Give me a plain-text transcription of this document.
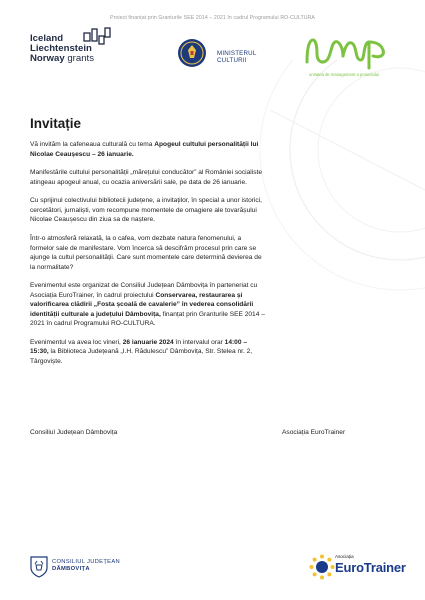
Proiect finanțat prin Granturile SEE 2014 – 2021 în cadrul Programului RO-CULTURA
Iceland
Liechtenstein
Norway grants	MINISTERUL CULTURII
unitatea de management a proiectului
Invitație

Vă invităm la cafeneaua culturală cu tema Apogeul cultului personalității lui Nicolae Ceaușescu – 26 ianuarie.

Manifestările cultului personalității „mărețului conducător” al României socialiste atingeau apogeul anual, cu ocazia aniversării sale, pe data de 26 ianuarie.

Cu sprijinul colectivului bibliotecii județene, a invitaților, în special a unor istorici, cercetători, jurnaliști, vom recompune momentele de omagiere ale tovarășului Nicolae Ceaușescu din ziua sa de naștere.

Într-o atmosferă relaxată, la o cafea, vom dezbate natura fenomenului, a formelor sale de manifestare. Vom încerca să descifrăm procesul prin care se ajunge la cultul personalității. Care sunt momentele care determină devierea de la normalitate?

Evenimentul este organizat de Consiliul Județean Dâmbovița în parteneriat cu Asociația EuroTrainer, în cadrul proiectului Conservarea, restaurarea și valorificarea clădirii „Fosta școală de cavalerie” în vederea consolidării identității culturale a județului Dâmbovița, finanțat prin Granturile SEE 2014 – 2021 în cadrul Programului RO-CULTURA.

Evenimentul va avea loc vineri, 26 ianuarie 2024 în intervalul orar 14:00 – 15:30, la Biblioteca Județeană „I.H. Rădulescu” Dâmbovița, Str. Stelea nr. 2, Târgoviște.

Consiliul Județean Dâmbovița	Asociația EuroTrainer
CONSILIUL JUDEȚEAN
DÂMBOVIȚA
Asociația
EuroTrainer
